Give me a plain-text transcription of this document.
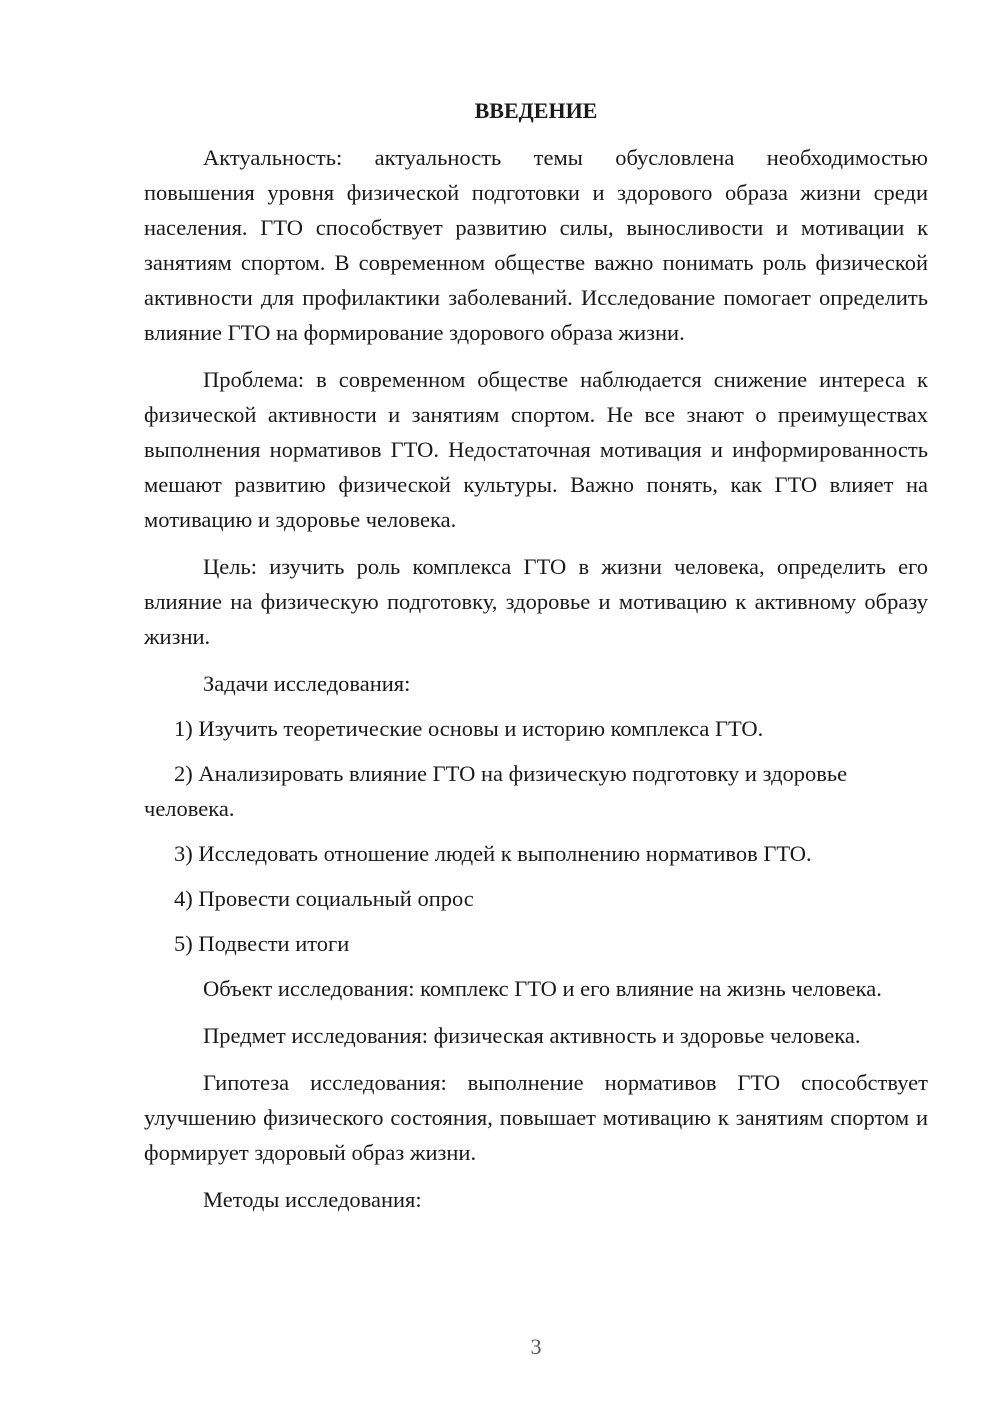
ВВЕДЕНИЕ

Актуальность: актуальность темы обусловлена необходимостью повышения уровня физической подготовки и здорового образа жизни среди населения. ГТО способствует развитию силы, выносливости и мотивации к занятиям спортом. В современном обществе важно понимать роль физической активности для профилактики заболеваний. Исследование помогает определить влияние ГТО на формирование здорового образа жизни.

Проблема: в современном обществе наблюдается снижение интереса к физической активности и занятиям спортом. Не все знают о преимуществах выполнения нормативов ГТО. Недостаточная мотивация и информированность мешают развитию физической культуры. Важно понять, как ГТО влияет на мотивацию и здоровье человека.

Цель: изучить роль комплекса ГТО в жизни человека, определить его влияние на физическую подготовку, здоровье и мотивацию к активному образу жизни.

Задачи исследования:

1) Изучить теоретические основы и историю комплекса ГТО.

2) Анализировать влияние ГТО на физическую подготовку и здоровье человека.

3) Исследовать отношение людей к выполнению нормативов ГТО.

4) Провести социальный опрос

5) Подвести итоги

Объект исследования: комплекс ГТО и его влияние на жизнь человека.

Предмет исследования: физическая активность и здоровье человека.

Гипотеза исследования: выполнение нормативов ГТО способствует улучшению физического состояния, повышает мотивацию к занятиям спортом и формирует здоровый образ жизни.

Методы исследования:

3
